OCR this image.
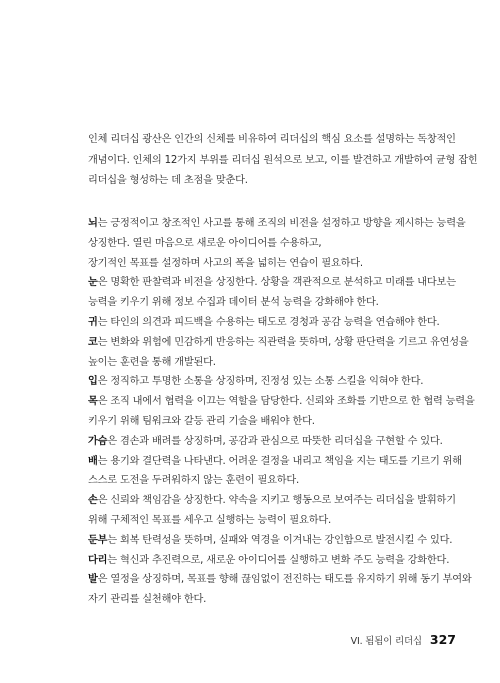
인체 리더십 광산은 인간의 신체를 비유하여 리더십의 핵심 요소를 설명하는 독창적인
개념이다. 인체의 12가지 부위를 리더십 원석으로 보고, 이를 발견하고 개발하여 균형 잡힌
리더십을 형성하는 데 초점을 맞춘다.

뇌는 긍정적이고 창조적인 사고를 통해 조직의 비전을 설정하고 방향을 제시하는 능력을
상징한다. 열린 마음으로 새로운 아이디어를 수용하고,
장기적인 목표를 설정하며 사고의 폭을 넓히는 연습이 필요하다.
눈은 명확한 판찰력과 비전을 상징한다. 상황을 객관적으로 분석하고 미래를 내다보는
능력을 키우기 위해 정보 수집과 데이터 분석 능력을 강화해야 한다.
귀는 타인의 의견과 피드백을 수용하는 태도로 경청과 공감 능력을 연습해야 한다.
코는 변화와 위험에 민감하게 반응하는 직관력을 뜻하며, 상황 판단력을 기르고 유연성을
높이는 훈련을 통해 개발된다.
입은 정직하고 투명한 소통을 상징하며, 진정성 있는 소통 스킬을 익혀야 한다.
목은 조직 내에서 협력을 이끄는 역할을 담당한다. 신뢰와 조화를 기반으로 한 협력 능력을
키우기 위해 팀워크와 갈등 관리 기술을 배워야 한다.
가슴은 겸손과 배려를 상징하며, 공감과 관심으로 따뜻한 리더십을 구현할 수 있다.
배는 용기와 결단력을 나타낸다. 어려운 결정을 내리고 책임을 지는 태도를 기르기 위해
스스로 도전을 두려워하지 않는 훈련이 필요하다.
손은 신뢰와 책임감을 상징한다. 약속을 지키고 행동으로 보여주는 리더십을 발휘하기
위해 구체적인 목표를 세우고 실행하는 능력이 필요하다.
둔부는 회복 탄력성을 뜻하며, 실패와 역경을 이겨내는 강인함으로 발전시킬 수 있다.
다리는 혁신과 추진력으로, 새로운 아이디어를 실행하고 변화 주도 능력을 강화한다.
발은 열정을 상징하며, 목표를 향해 끊임없이 전진하는 태도를 유지하기 위해 동기 부여와
자기 관리를 실천해야 한다.
VI. 됨됨이 리더십 327
